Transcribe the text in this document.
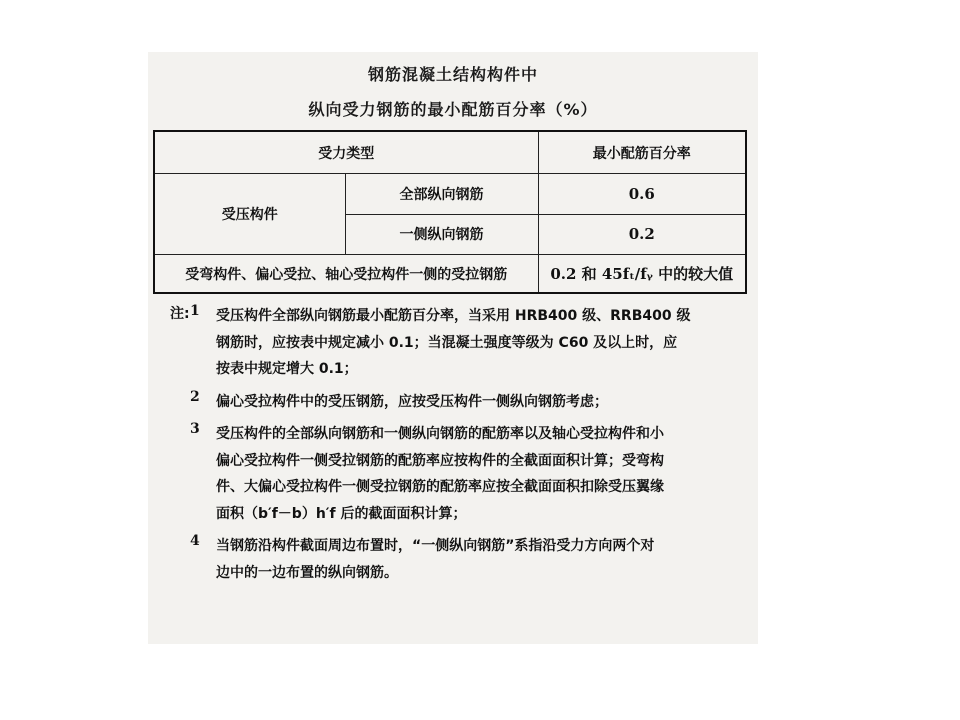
钢筋混凝土结构构件中
纵向受力钢筋的最小配筋百分率（%）
受力类型		最小配筋百分率
受压构件	全部纵向钢筋	0.6
	一侧纵向钢筋	0.2
受弯构件、偏心受拉、轴心受拉构件一侧的受拉钢筋		0.2 和 45fₜ/fᵧ 中的较大值
注: 1	受压构件全部纵向钢筋最小配筋百分率，当采用 HRB400 级、RRB400 级
钢筋时，应按表中规定减小 0.1；当混凝土强度等级为 C60 及以上时，应
按表中规定增大 0.1；
2	偏心受拉构件中的受压钢筋，应按受压构件一侧纵向钢筋考虑；
3	受压构件的全部纵向钢筋和一侧纵向钢筋的配筋率以及轴心受拉构件和小
偏心受拉构件一侧受拉钢筋的配筋率应按构件的全截面面积计算；受弯构
件、大偏心受拉构件一侧受拉钢筋的配筋率应按全截面面积扣除受压翼缘
面积（b′f－b）h′f 后的截面面积计算；
4	当钢筋沿构件截面周边布置时，“一侧纵向钢筋”系指沿受力方向两个对
边中的一边布置的纵向钢筋。
